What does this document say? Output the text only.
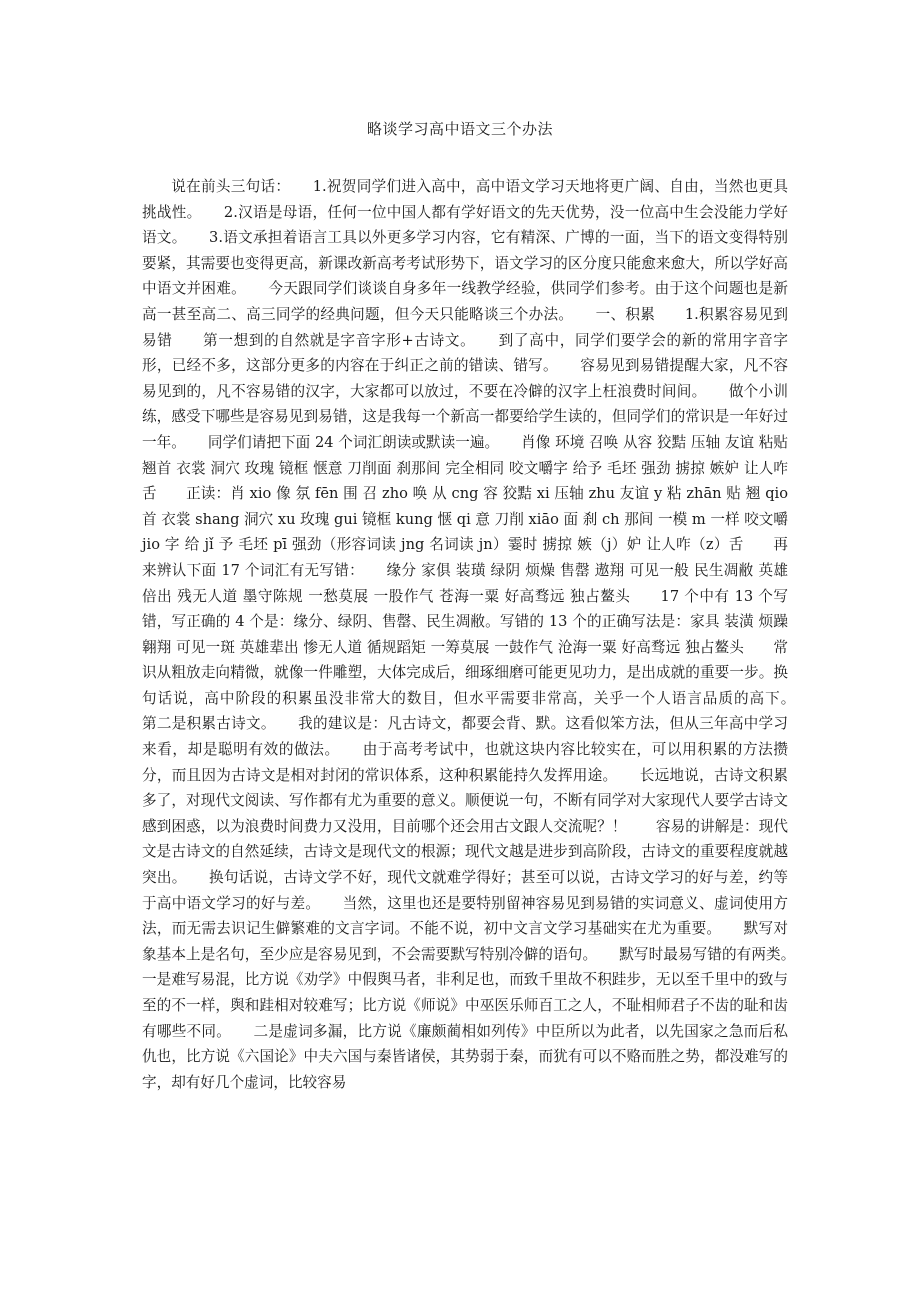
略谈学习高中语文三个办法

说在前头三句话：　　1.祝贺同学们进入高中，高中语文学习天地将更广阔、自由，当然也更具挑战性。　　2.汉语是母语，任何一位中国人都有学好语文的先天优势，没一位高中生会没能力学好语文。　　3.语文承担着语言工具以外更多学习内容，它有精深、广博的一面，当下的语文变得特别要紧，其需要也变得更高，新课改新高考考试形势下，语文学习的区分度只能愈来愈大，所以学好高中语文并困难。　　今天跟同学们谈谈自身多年一线教学经验，供同学们参考。由于这个问题也是新高一甚至高二、高三同学的经典问题，但今天只能略谈三个办法。　　一、积累　　1.积累容易见到易错　　第一想到的自然就是字音字形+古诗文。　　到了高中，同学们要学会的新的常用字音字形，已经不多，这部分更多的内容在于纠正之前的错读、错写。　　容易见到易错提醒大家，凡不容易见到的，凡不容易错的汉字，大家都可以放过，不要在冷僻的汉字上枉浪费时间间。　　做个小训练，感受下哪些是容易见到易错，这是我每一个新高一都要给学生读的，但同学们的常识是一年好过一年。　　同学们请把下面 24 个词汇朗读或默读一遍。　　肖像 环境 召唤 从容 狡黠 压轴 友谊 粘贴 翘首 衣裳 洞穴 玫瑰 镜框 惬意 刀削面 刹那间 完全相同 咬文嚼字 给予 毛坯 强劲 掳掠 嫉妒 让人咋舌　　正读：肖 xio 像 氛 fēn 围 召 zho 唤 从 cng 容 狡黠 xi 压轴 zhu 友谊 y 粘 zhān 贴 翘 qio 首 衣裳 shang 洞穴 xu 玫瑰 gui 镜框 kung 惬 qi 意 刀削 xiāo 面 刹 ch 那间 一模 m 一样 咬文嚼 jio 字 给 jǐ 予 毛坯 pī 强劲（形容词读 jng 名词读 jn）霎时 掳掠 嫉（j）妒 让人咋（z）舌　　再来辨认下面 17 个词汇有无写错：　　缘分 家俱 装璜 绿阴 烦燥 售罄 遨翔 可见一般 民生凋敝 英雄倍出 残无人道 墨守陈规 一愁莫展 一股作气 苍海一粟 好高骛远 独占鳌头　　17 个中有 13 个写错，写正确的 4 个是：缘分、绿阴、售罄、民生凋敝。写错的 13 个的正确写法是：家具 装潢 烦躁 翱翔 可见一斑 英雄辈出 惨无人道 循规蹈矩 一筹莫展 一鼓作气 沧海一粟 好高骛远 独占鳌头　　常识从粗放走向精微，就像一件雕塑，大体完成后，细琢细磨可能更见功力，是出成就的重要一步。换句话说，高中阶段的积累虽没非常大的数目，但水平需要非常高，关乎一个人语言品质的高下。　　第二是积累古诗文。　　我的建议是：凡古诗文，都要会背、默。这看似笨方法，但从三年高中学习来看，却是聪明有效的做法。　　由于高考考试中，也就这块内容比较实在，可以用积累的方法攒分，而且因为古诗文是相对封闭的常识体系，这种积累能持久发挥用途。　　长远地说，古诗文积累多了，对现代文阅读、写作都有尤为重要的意义。顺便说一句，不断有同学对大家现代人要学古诗文感到困惑，以为浪费时间费力又没用，目前哪个还会用古文跟人交流呢？！　　容易的讲解是：现代文是古诗文的自然延续，古诗文是现代文的根源；现代文越是进步到高阶段，古诗文的重要程度就越突出。　　换句话说，古诗文学不好，现代文就难学得好；甚至可以说，古诗文学习的好与差，约等于高中语文学习的好与差。　　当然，这里也还是要特别留神容易见到易错的实词意义、虚词使用方法，而无需去识记生僻繁难的文言字词。不能不说，初中文言文学习基础实在尤为重要。　　默写对象基本上是名句，至少应是容易见到，不会需要默写特别冷僻的语句。　　默写时最易写错的有两类。　　一是难写易混，比方说《劝学》中假舆马者，非利足也，而致千里故不积跬步，无以至千里中的致与至的不一样，舆和跬相对较难写；比方说《师说》中巫医乐师百工之人，不耻相师君子不齿的耻和齿有哪些不同。　　二是虚词多漏，比方说《廉颇蔺相如列传》中臣所以为此者，以先国家之急而后私仇也，比方说《六国论》中夫六国与秦皆诸侯，其势弱于秦，而犹有可以不赂而胜之势，都没难写的字，却有好几个虚词，比较容易
